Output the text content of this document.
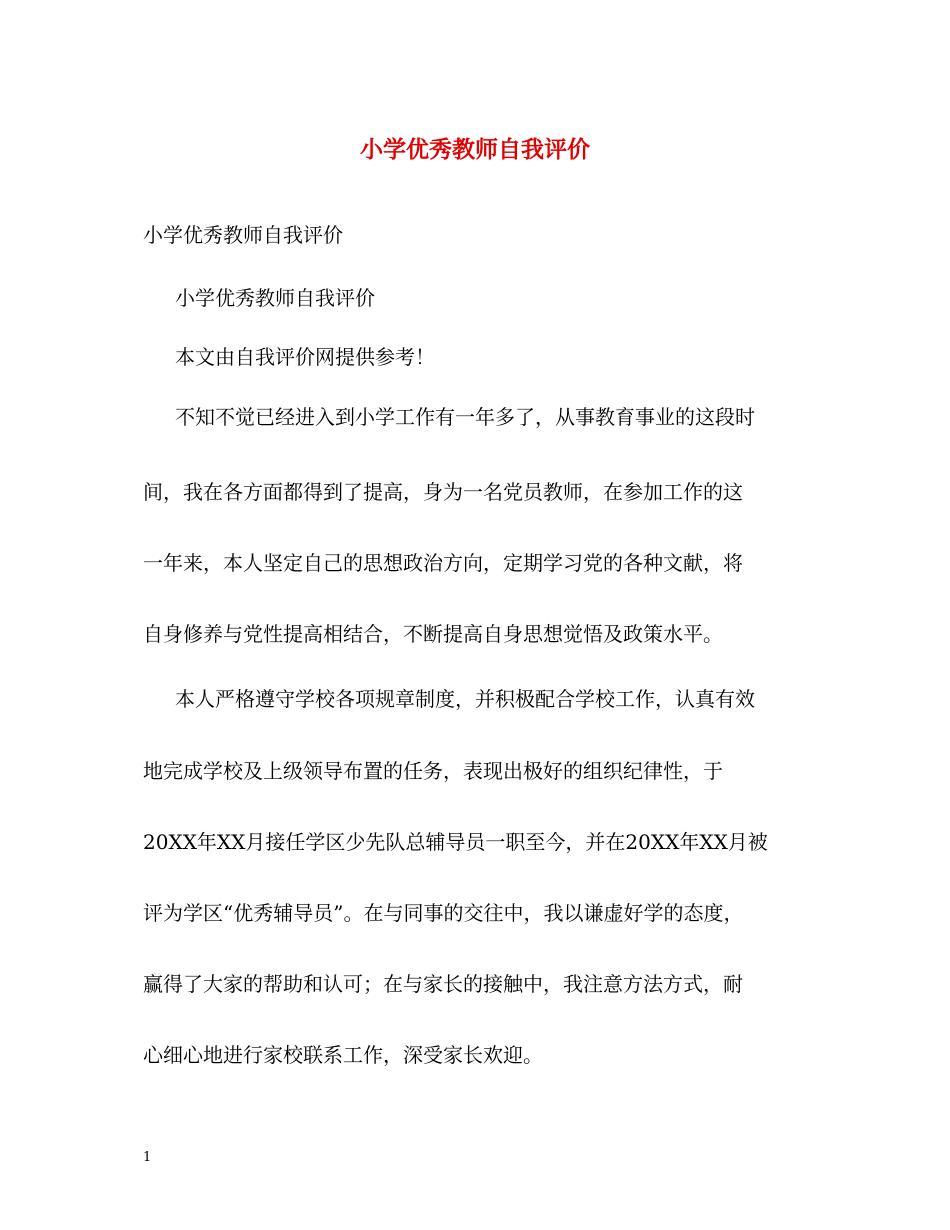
小学优秀教师自我评价
小学优秀教师自我评价
小学优秀教师自我评价
本文由自我评价网提供参考！
不知不觉已经进入到小学工作有一年多了，从事教育事业的这段时
间，我在各方面都得到了提高，身为一名党员教师，在参加工作的这
一年来，本人坚定自己的思想政治方向，定期学习党的各种文献，将
自身修养与党性提高相结合，不断提高自身思想觉悟及政策水平。
本人严格遵守学校各项规章制度，并积极配合学校工作，认真有效
地完成学校及上级领导布置的任务，表现出极好的组织纪律性，于
20XX年XX月接任学区少先队总辅导员一职至今，并在20XX年XX月被
评为学区“优秀辅导员”。在与同事的交往中，我以谦虚好学的态度，
赢得了大家的帮助和认可；在与家长的接触中，我注意方法方式，耐
心细心地进行家校联系工作，深受家长欢迎。
1
